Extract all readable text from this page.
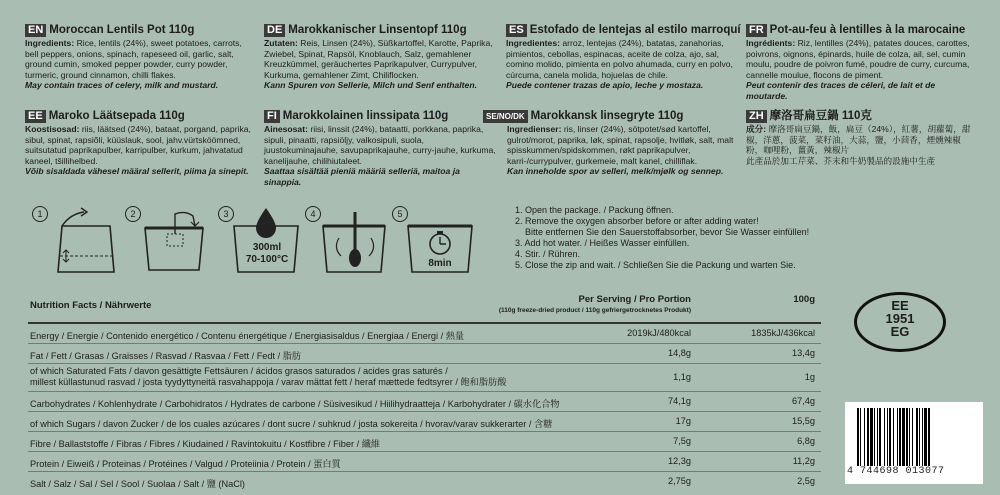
EN Moroccan Lentils Pot 110g
Ingredients: Rice, lentils (24%), sweet potatoes, carrots, bell peppers, onions, spinach, rapeseed oil, garlic, salt, ground cumin, smoked pepper powder, curry powder, turmeric, ground cinnamon, chilli flakes.
May contain traces of celery, milk and mustard.
DE Marokkanischer Linsentopf 110g
Zutaten: Reis, Linsen (24%), Süßkartoffel, Karotte, Paprika, Zwiebel, Spinat, Rapsöl, Knoblauch, Salz, gemahlener Kreuzkümmel, geräuchertes Paprikapulver, Currypulver, Kurkuma, gemahlener Zimt, Chiliflocken.
Kann Spuren von Sellerie, Milch und Senf enthalten.
ES Estofado de lentejas al estilo marroquí
Ingredientes: arroz, lentejas (24%), batatas, zanahorias, pimientos, cebollas, espinacas, aceite de colza, ajo, sal, comino molido, pimienta en polvo ahumada, curry en polvo, cúrcuma, canela molida, hojuelas de chile.
Puede contener trazas de apio, leche y mostaza.
FR Pot-au-feu à lentilles à la marocaine
Ingrédients: Riz, lentilles (24%), patates douces, carottes, poivrons, oignons, épinards, huile de colza, ail, sel, cumin moulu, poudre de poivron fumé, poudre de curry, curcuma, cannelle moulue, flocons de piment.
Peut contenir des traces de céleri, de lait et de moutarde.
EE Maroko Läätsepada 110g
Koostisosad: riis, läätsed (24%), bataat, porgand, paprika, sibul, spinat, rapsiõli, küüslauk, sool, jahv.vürtsköömned, suitsutatud paprikapulber, karripulber, kurkum, jahvatatud kaneel, tšillihelbed.
Võib sisaldada vähesel määral sellerit, piima ja sinepit.
FI Marokkolainen linssipata 110g
Ainesosat: riisi, linssit (24%), bataatti, porkkana, paprika, sipuli, pinaatti, rapsiöljy, valkosipuli, suola, juustokuminajauhe, savupaprikajauhe, curry-jauhe, kurkuma, kanelijauhe, chilihiutaleet.
Saattaa sisältää pieniä määriä selleriä, maitoa ja sinappia.
SE/NO/DK Marokkansk linsegryte 110g
Ingredienser: ris, linser (24%), sötpotet/sød kartoffel, gulrot/morot, paprika, løk, spinat, rapsolje, hvitløk, salt, malt spisskummen/spidskommen, røkt paprikapulver, karri-/currypulver, gurkemeie, malt kanel, chilliflak.
Kan inneholde spor av selleri, melk/mjølk og sennep.
ZH 摩洛哥扁豆鍋 110克
成分: 摩洛哥扁豆鍋，飯，扁豆（24%），紅薯，胡蘿蔔，甜椒，洋蔥，菠菜，菜籽油，大蒜，鹽，小茴香，煙燻辣椒粉，咖哩粉，薑黃，辣椒片
此產品於加工芹菜、芥末和牛奶製品的設施中生產
1	2	3
300ml
70-100°C
4	5
8min
1. Open the package. / Packung öffnen.
2. Remove the oxygen absorber before or after adding water!
Bitte entfernen Sie den Sauerstoffabsorber, bevor Sie Wasser einfüllen!
3. Add hot water. / Heißes Wasser einfüllen.
4. Stir. / Rühren.
5. Close the zip and wait. / Schließen Sie die Packung und warten Sie.
Nutrition Facts / Nährwerte
Per Serving / Pro Portion
(110g freeze-dried product / 110g gefriergetrocknetes Produkt)
100g
Energy / Energie / Contenido energético / Contenu énergétique / Energiasisaldus / Energiaa / Energi / 熱量	2019kJ/480kcal	1835kJ/436kcal
Fat / Fett / Grasas / Graisses / Rasvad / Rasvaa / Fett / Fedt / 脂肪	14,8g	13,4g
of which Saturated Fats / davon gesättigte Fettsäuren / ácidos grasos saturados / acides gras saturés /
millest küllastunud rasvad / josta tyydyttyneitä rasvahappoja / varav mättat fett / heraf mættede fedtsyrer / 飽和脂肪酸	1,1g	1g
Carbohydrates / Kohlenhydrate / Carbohidratos / Hydrates de carbone / Süsivesikud / Hiilihydraatteja / Karbohydrater / 碳水化合物	74,1g	67,4g
of which Sugars / davon Zucker / de los cuales azúcares / dont sucre / suhkrud / josta sokereita / hvorav/varav sukkerarter / 含糖	17g	15,5g
Fibre / Ballaststoffe / Fibras / Fibres / Kiudained / Ravintokuitu / Kostfibre / Fiber / 纖維	7,5g	6,8g
Protein / Eiweiß / Proteinas / Protéines / Valgud / Proteiinia / Protein / 蛋白質	12,3g	11,2g
Salt / Salz / Sal / Sel / Sool / Suolaa / Salt / 鹽 (NaCl)	2,75g	2,5g
EE
1951
EG
4 744698 013077
